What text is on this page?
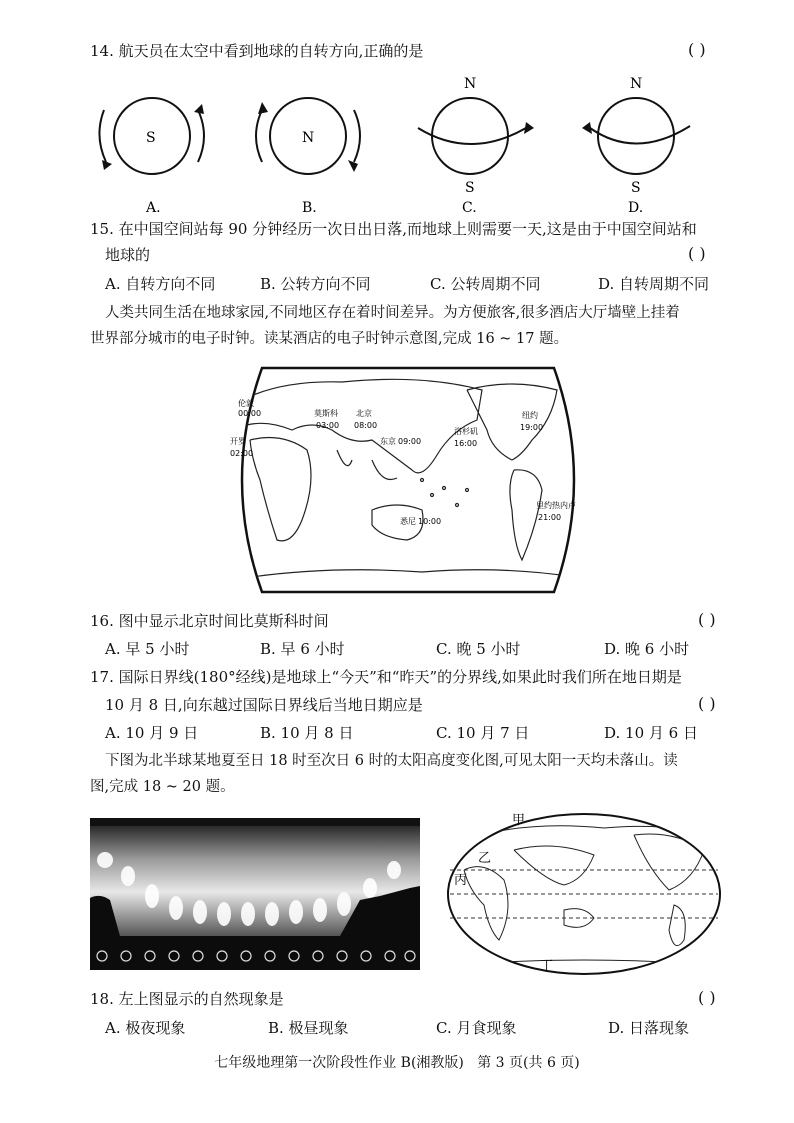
14. 航天员在太空中看到地球的自转方向,正确的是	( )
S
A.
N
B.
N
S
C.
N
S
D.
15. 在中国空间站每 90 分钟经历一次日出日落,而地球上则需要一天,这是由于中国空间站和
地球的	( )
A. 自转方向不同	B. 公转方向不同	C. 公转周期不同	D. 自转周期不同
人类共同生活在地球家园,不同地区存在着时间差异。为方便旅客,很多酒店大厅墙壁上挂着
世界部分城市的电子时钟。读某酒店的电子时钟示意图,完成 16 ~ 17 题。
伦敦
00:00	莫斯科
03:00
北京
08:00
东京 09:00
洛杉矶
16:00
纽约
19:00
开罗
02:00
悉尼 10:00
里约热内卢
21:00
16. 图中显示北京时间比莫斯科时间	( )
A. 早 5 小时	B. 早 6 小时	C. 晚 5 小时	D. 晚 6 小时
17. 国际日界线(180°经线)是地球上“今天”和“昨天”的分界线,如果此时我们所在地日期是
10 月 8 日,向东越过国际日界线后当地日期应是	( )
A. 10 月 9 日	B. 10 月 8 日	C. 10 月 7 日	D. 10 月 6 日
下图为北半球某地夏至日 18 时至次日 6 时的太阳高度变化图,可见太阳一天均未落山。读
图,完成 18 ~ 20 题。
甲
乙
丙
丁
18. 左上图显示的自然现象是	( )
A. 极夜现象	B. 极昼现象	C. 月食现象	D. 日落现象
七年级地理第一次阶段性作业 B(湘教版)   第 3 页(共 6 页)
